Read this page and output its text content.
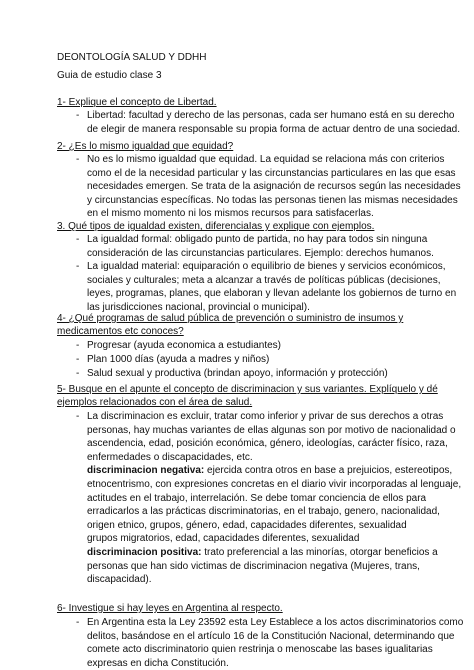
DEONTOLOGÍA SALUD Y DDHH
Guia de estudio clase 3
1- Explique el concepto de Libertad.
- Libertad: facultad y derecho de las personas, cada ser humano está en su derecho
de elegir de manera responsable su propia forma de actuar dentro de una sociedad.
2- ¿Es lo mismo igualdad que equidad?
- No es lo mismo igualdad que equidad. La equidad se relaciona más con criterios
como el de la necesidad particular y las circunstancias particulares en las que esas
necesidades emergen. Se trata de la asignación de recursos según las necesidades
y circunstancias específicas. No todas las personas tienen las mismas necesidades
en el mismo momento ni los mismos recursos para satisfacerlas.
3. Qué tipos de igualdad existen, diferenciaIas y explique con ejemplos.
- La igualdad formal: obligado punto de partida, no hay para todos sin ninguna
consideración de las circunstancias particulares. Ejemplo: derechos humanos.
- La igualdad material: equiparación o equilibrio de bienes y servicios económicos,
sociales y culturales; meta a alcanzar a través de políticas públicas (decisiones,
leyes, programas, planes, que elaboran y llevan adelante los gobiernos de turno en
las jurisdicciones nacional, provincial o municipal).
4- ¿Qué programas de salud pública de prevención o suministro de insumos y
medicamentos etc conoces?
- Progresar (ayuda economica a estudiantes)
- Plan 1000 días (ayuda a madres y niños)
- Salud sexual y productiva (brindan apoyo, información y protección)
5- Busque en el apunte el concepto de discriminacion y sus variantes. Explíquelo y dé
ejemplos relacionados con el área de salud.
- La discriminacion es excluir, tratar como inferior y privar de sus derechos a otras
personas, hay muchas variantes de ellas algunas son por motivo de nacionalidad o
ascendencia, edad, posición económica, género, ideologías, carácter físico, raza,
enfermedades o discapacidades, etc.
discriminacion negativa: ejercida contra otros en base a prejuicios, estereotipos,
etnocentrismo, con expresiones concretas en el diario vivir incorporadas al lenguaje,
actitudes en el trabajo, interrelación. Se debe tomar conciencia de ellos para
erradicarlos a las prácticas discriminatorias, en el trabajo, genero, nacionalidad,
origen etnico, grupos, género, edad, capacidades diferentes, sexualidad
grupos migratorios, edad, capacidades diferentes, sexualidad
discriminacion positiva: trato preferencial a las minorías, otorgar beneficios a
personas que han sido victimas de discriminacion negativa (Mujeres, trans,
discapacidad).
6- Investigue si hay leyes en Argentina al respecto.
- En Argentina esta la Ley 23592 esta Ley Establece a los actos discriminatorios como
delitos, basándose en el artículo 16 de la Constitución Nacional, determinando que
comete acto discriminatorio quien restrinja o menoscabe las bases igualitarias
expresas en dicha Constitución.
